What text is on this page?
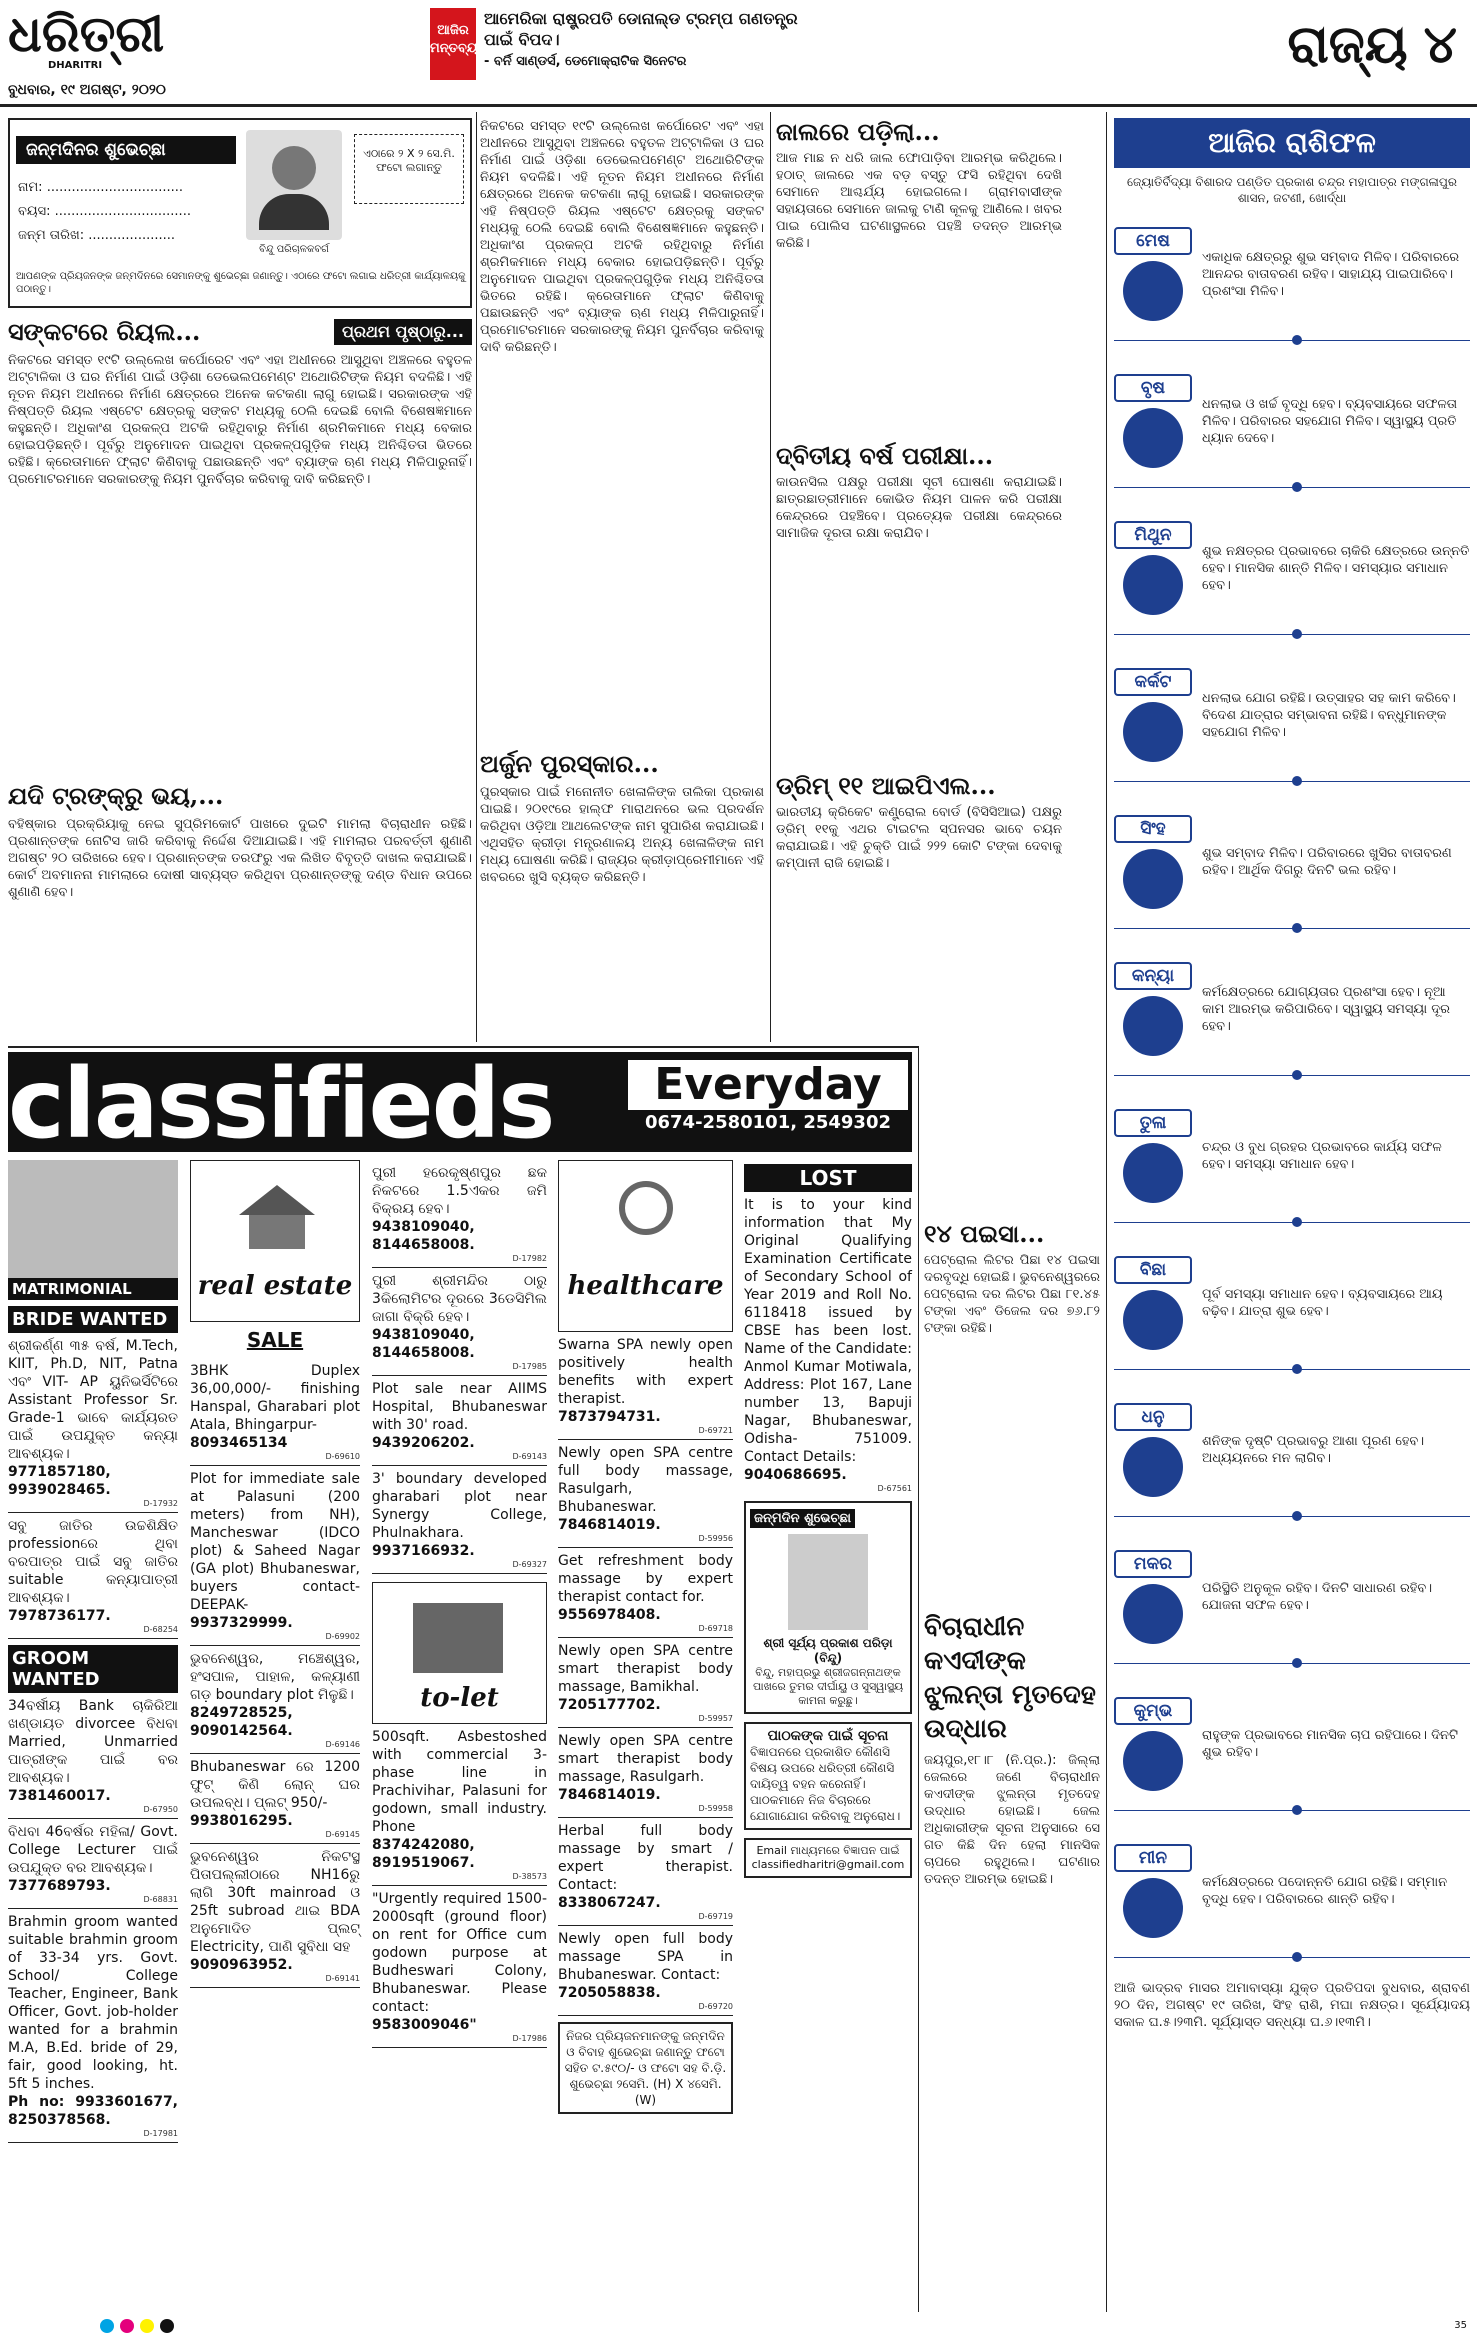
ଧରିତ୍ରୀ
DHARITRI
ବୁଧବାର, ୧୯ ଅଗଷ୍ଟ, ୨୦୨୦
ଆଜିର ମନ୍ତବ୍ୟ
ଆମେରିକା ରାଷ୍ଟ୍ରପତି ଡୋନାଲ୍ଡ ଟ୍ରମ୍ପ ଗଣତନ୍ତ୍ର ପାଇଁ ବିପଦ।
- ବର୍ନି ସାଣ୍ଡର୍ସ, ଡେମୋକ୍ରାଟିକ ସିନେଟର	ରାଜ୍ୟ ୪
ଜନ୍ମଦିନର ଶୁଭେଚ୍ଛା
ନାମ: .................................
ବୟସ: .................................
ଜନ୍ମ ତାରିଖ: .....................
ବିନ୍ଦୁ ପରିଚାଳକବର୍ଗ
ଏଠାରେ ୨ X ୨ ସେ.ମି. ଫଟୋ ଲଗାନ୍ତୁ
ଆପଣଙ୍କ ପ୍ରିୟଜନଙ୍କ ଜନ୍ମଦିନରେ ସେମାନଙ୍କୁ ଶୁଭେଚ୍ଛା ଜଣାନ୍ତୁ। ଏଠାରେ ଫଟୋ ଲଗାଇ ଧରିତ୍ରୀ କାର୍ଯ୍ୟାଳୟକୁ ପଠାନ୍ତୁ।
ସଙ୍କଟରେ ରିୟଲ...	ପ୍ରଥମ ପୃଷ୍ଠାରୁ...
ନିକଟରେ ସମସ୍ତ ୧୯ଟି ଉଲ୍ଲେଖ କର୍ପୋରେଟ ଏବଂ ଏହା ଅଧୀନରେ ଆସୁଥିବା ଅଞ୍ଚଳରେ ବହୁତଳ ଅଟ୍ଟାଳିକା ଓ ଘର ନିର୍ମାଣ ପାଇଁ ଓଡ଼ିଶା ଡେଭେଲପମେଣ୍ଟ ଅଥୋରିଟିଙ୍କ ନିୟମ ବଦଳିଛି। ଏହି ନୂତନ ନିୟମ ଅଧୀନରେ ନିର୍ମାଣ କ୍ଷେତ୍ରରେ ଅନେକ କଟକଣା ଲାଗୁ ହୋଇଛି। ସରକାରଙ୍କ ଏହି ନିଷ୍ପତ୍ତି ରିୟଲ ଏଷ୍ଟେଟ କ୍ଷେତ୍ରକୁ ସଙ୍କଟ ମଧ୍ୟକୁ ଠେଲି ଦେଇଛି ବୋଲି ବିଶେଷଜ୍ଞମାନେ କହୁଛନ୍ତି। ଅଧିକାଂଶ ପ୍ରକଳ୍ପ ଅଟକି ରହିଥିବାରୁ ନିର୍ମାଣ ଶ୍ରମିକମାନେ ମଧ୍ୟ ବେକାର ହୋଇପଡ଼ିଛନ୍ତି। ପୂର୍ବରୁ ଅନୁମୋଦନ ପାଇଥିବା ପ୍ରକଳ୍ପଗୁଡ଼ିକ ମଧ୍ୟ ଅନିଶ୍ଚିତତା ଭିତରେ ରହିଛି। କ୍ରେତାମାନେ ଫ୍ଲାଟ କିଣିବାକୁ ପଛାଉଛନ୍ତି ଏବଂ ବ୍ୟାଙ୍କ ଋଣ ମଧ୍ୟ ମିଳିପାରୁନାହିଁ। ପ୍ରମୋଟରମାନେ ସରକାରଙ୍କୁ ନିୟମ ପୁନର୍ବିଚାର କରିବାକୁ ଦାବି କରିଛନ୍ତି।
ଯଦି ଟ୍ରଙ୍କ୍‌ରୁ ଭୟ,...
ବହିଷ୍କାର ପ୍ରକ୍ରିୟାକୁ ନେଇ ସୁପ୍ରିମକୋର୍ଟ ପାଖରେ ଦୁଇଟି ମାମଲା ବିଚାରାଧୀନ ରହିଛି। ପ୍ରଶାନ୍ତଙ୍କ ନୋଟିସ ଜାରି କରିବାକୁ ନିର୍ଦ୍ଦେଶ ଦିଆଯାଇଛି। ଏହି ମାମଲାର ପରବର୍ତ୍ତୀ ଶୁଣାଣି ଅଗଷ୍ଟ ୨୦ ତାରିଖରେ ହେବ। ପ୍ରଶାନ୍ତଙ୍କ ତରଫରୁ ଏକ ଲିଖିତ ବିବୃତ୍ତି ଦାଖଲ କରାଯାଇଛି। କୋର୍ଟ ଅବମାନନା ମାମଲାରେ ଦୋଷୀ ସାବ୍ୟସ୍ତ କରିଥିବା ପ୍ରଶାନ୍ତଙ୍କୁ ଦଣ୍ଡ ବିଧାନ ଉପରେ ଶୁଣାଣି ହେବ।
ନିକଟରେ ସମସ୍ତ ୧୯ଟି ଉଲ୍ଲେଖ କର୍ପୋରେଟ ଏବଂ ଏହା ଅଧୀନରେ ଆସୁଥିବା ଅଞ୍ଚଳରେ ବହୁତଳ ଅଟ୍ଟାଳିକା ଓ ଘର ନିର୍ମାଣ ପାଇଁ ଓଡ଼ିଶା ଡେଭେଲପମେଣ୍ଟ ଅଥୋରିଟିଙ୍କ ନିୟମ ବଦଳିଛି। ଏହି ନୂତନ ନିୟମ ଅଧୀନରେ ନିର୍ମାଣ କ୍ଷେତ୍ରରେ ଅନେକ କଟକଣା ଲାଗୁ ହୋଇଛି। ସରକାରଙ୍କ ଏହି ନିଷ୍ପତ୍ତି ରିୟଲ ଏଷ୍ଟେଟ କ୍ଷେତ୍ରକୁ ସଙ୍କଟ ମଧ୍ୟକୁ ଠେଲି ଦେଇଛି ବୋଲି ବିଶେଷଜ୍ଞମାନେ କହୁଛନ୍ତି। ଅଧିକାଂଶ ପ୍ରକଳ୍ପ ଅଟକି ରହିଥିବାରୁ ନିର୍ମାଣ ଶ୍ରମିକମାନେ ମଧ୍ୟ ବେକାର ହୋଇପଡ଼ିଛନ୍ତି। ପୂର୍ବରୁ ଅନୁମୋଦନ ପାଇଥିବା ପ୍ରକଳ୍ପଗୁଡ଼ିକ ମଧ୍ୟ ଅନିଶ୍ଚିତତା ଭିତରେ ରହିଛି। କ୍ରେତାମାନେ ଫ୍ଲାଟ କିଣିବାକୁ ପଛାଉଛନ୍ତି ଏବଂ ବ୍ୟାଙ୍କ ଋଣ ମଧ୍ୟ ମିଳିପାରୁନାହିଁ। ପ୍ରମୋଟରମାନେ ସରକାରଙ୍କୁ ନିୟମ ପୁନର୍ବିଚାର କରିବାକୁ ଦାବି କରିଛନ୍ତି।
ଅର୍ଜୁନ ପୁରସ୍କାର...
ପୁରସ୍କାର ପାଇଁ ମନୋନୀତ ଖେଳାଳିଙ୍କ ତାଲିକା ପ୍ରକାଶ ପାଇଛି। ୨୦୧୯ରେ ହାଲ୍ଫ ମାରାଥନରେ ଭଲ ପ୍ରଦର୍ଶନ କରିଥିବା ଓଡ଼ିଆ ଆଥଲେଟଙ୍କ ନାମ ସୁପାରିଶ କରାଯାଇଛି। ଏଥିସହିତ କ୍ରୀଡ଼ା ମନ୍ତ୍ରଣାଳୟ ଅନ୍ୟ ଖେଳାଳିଙ୍କ ନାମ ମଧ୍ୟ ଘୋଷଣା କରିଛି। ରାଜ୍ୟର କ୍ରୀଡ଼ାପ୍ରେମୀମାନେ ଏହି ଖବରରେ ଖୁସି ବ୍ୟକ୍ତ କରିଛନ୍ତି।
ଜାଲରେ ପଡ଼ିଲା...
ଆଜ ମାଛ ନ ଧରି ଜାଲ ଫୋପାଡ଼ିବା ଆରମ୍ଭ କରିଥିଲେ। ହଠାତ୍ ଜାଲରେ ଏକ ବଡ଼ ବସ୍ତୁ ଫସି ରହିଥିବା ଦେଖି ସେମାନେ ଆଶ୍ଚର୍ଯ୍ୟ ହୋଇଗଲେ। ଗ୍ରାମବାସୀଙ୍କ ସହାୟତାରେ ସେମାନେ ଜାଲକୁ ଟାଣି କୂଳକୁ ଆଣିଲେ। ଖବର ପାଇ ପୋଲିସ ଘଟଣାସ୍ଥଳରେ ପହଞ୍ଚି ତଦନ୍ତ ଆରମ୍ଭ କରିଛି।
ଦ୍ବିତୀୟ ବର୍ଷ ପରୀକ୍ଷା...
କାଉନସିଲ ପକ୍ଷରୁ ପରୀକ୍ଷା ସୂଚୀ ଘୋଷଣା କରାଯାଇଛି। ଛାତ୍ରଛାତ୍ରୀମାନେ କୋଭିଡ ନିୟମ ପାଳନ କରି ପରୀକ୍ଷା କେନ୍ଦ୍ରରେ ପହଞ୍ଚିବେ। ପ୍ରତ୍ୟେକ ପରୀକ୍ଷା କେନ୍ଦ୍ରରେ ସାମାଜିକ ଦୂରତା ରକ୍ଷା କରାଯିବ।
ଡ୍ରିମ୍ ୧୧ ଆଇପିଏଲ...
ଭାରତୀୟ କ୍ରିକେଟ କଣ୍ଟ୍ରୋଲ ବୋର୍ଡ (ବିସିସିଆଇ) ପକ୍ଷରୁ ଡ୍ରିମ୍ ୧୧କୁ ଏଥର ଟାଇଟଲ ସ୍ପନସର ଭାବେ ଚୟନ କରାଯାଇଛି। ଏହି ଚୁକ୍ତି ପାଇଁ ୨୨୨ କୋଟି ଟଙ୍କା ଦେବାକୁ କମ୍ପାନୀ ରାଜି ହୋଇଛି।
classifieds	Everyday
0674-2580101, 2549302
MATRIMONIAL
BRIDE WANTED
ଶ୍ରୀକର୍ଣ୍ଣ ୩୫ ବର୍ଷ, M.Tech, KIIT, Ph.D, NIT, Patna ଏବଂ VIT- AP ୟୁନିଭର୍ସିଟିରେ Assistant Professor Sr. Grade-1 ଭାବେ କାର୍ଯ୍ୟରତ ପାଇଁ ଉପଯୁକ୍ତ କନ୍ୟା ଆବଶ୍ୟକ।
9771857180, 9939028465.
D-17932
ସବୁ ଜାତିର ଉଚ୍ଚଶିକ୍ଷିତ professionରେ ଥିବା ବରପାତ୍ର ପାଇଁ ସବୁ ଜାତିର suitable କନ୍ୟାପାତ୍ରୀ ଆବଶ୍ୟକ।
7978736177.
D-68254
GROOM WANTED
34ବର୍ଷୀୟ Bank ଚାକିରିଆ ଖଣ୍ଡାୟତ divorcee ବିଧବା Married, Unmarried ପାତ୍ରୀଙ୍କ ପାଇଁ ବର ଆବଶ୍ୟକ।
7381460017.
D-67950
ବିଧବା 46ବର୍ଷର ମହିଳା/ Govt. College Lecturer ପାଇଁ ଉପଯୁକ୍ତ ବର ଆବଶ୍ୟକ।
7377689793.
D-68831
Brahmin groom wanted suitable brahmin groom of 33-34 yrs. Govt. School/ College Teacher, Engineer, Bank Officer, Govt. job-holder wanted for a brahmin M.A, B.Ed. bride of 29, fair, good looking, ht. 5ft 5 inches.
Ph no: 9933601677, 8250378568.
D-17981
real estate
SALE
3BHK Duplex 36,00,000/- finishing Hanspal, Gharabari plot Atala, Bhingarpur-
8093465134
D-69610
Plot for immediate sale at Palasuni (200 meters) from NH), Mancheswar (IDCO plot) & Saheed Nagar (GA plot) Bhubaneswar, buyers contact- DEEPAK-
9937329999.
D-69902
ଭୁବନେଶ୍ୱର, ମଞ୍ଚେଶ୍ୱର, ହଂସପାଳ, ପାହାଳ, କଳ୍ୟାଣୀ ଗଡ଼ boundary plot ମିଳୁଛି।
8249728525, 9090142564.
D-69146
Bhubaneswar ରେ 1200 ଫୁଟ୍‌ କିଣି ଲୋନ୍ ଘର ଉପଲବ୍ଧ। ପ୍ଲଟ୍ 950/-
9938016295.
D-69145
ଭୁବନେଶ୍ୱର ନିକଟସ୍ଥ ପିତାପଲ୍ଲୀଠାରେ NH16ରୁ ଲାଗି 30ft mainroad ଓ 25ft subroad ଥାଇ BDA ଅନୁମୋଦିତ ପ୍ଲଟ୍ Electricity, ପାଣି ସୁବିଧା ସହ
9090963952.
D-69141
ପୁରୀ ହରେକୃଷ୍ଣପୁର ଛକ ନିକଟରେ 1.5ଏକର ଜମି ବିକ୍ରୟ ହେବ।
9438109040, 8144658008.
D-17982
ପୁରୀ ଶ୍ରୀମନ୍ଦିର ଠାରୁ 3କିଲୋମିଟର ଦୂରରେ 3ଡେସିମିଲ ଜାଗା ବିକ୍ରି ହେବ।
9438109040, 8144658008.
D-17985
Plot sale near AIIMS Hospital, Bhubaneswar with 30' road.
9439206202.
D-69143
3' boundary developed gharabari plot near Synergy College, Phulnakhara.
9937166932.
D-69327
to-let
500sqft. Asbestoshed with commercial 3-phase line in Prachivihar, Palasuni for godown, small industry. Phone
8374242080, 8919519067.
D-38573
"Urgently required 1500-2000sqft (ground floor) on rent for Office cum godown purpose at Budheswari Colony, Bhubaneswar. Please contact:
9583009046"
D-17986
healthcare
Swarna SPA newly open positively health benefits with expert therapist.
7873794731.
D-69721
Newly open SPA centre full body massage, Rasulgarh, Bhubaneswar.
7846814019.
D-59956
Get refreshment body massage by expert therapist contact for.
9556978408.
D-69718
Newly open SPA centre smart therapist body massage, Bamikhal.
7205177702.
D-59957
Newly open SPA centre smart therapist body massage, Rasulgarh.
7846814019.
D-59958
Herbal full body massage by smart / expert therapist. Contact:
8338067247.
D-69719
Newly open full body massage SPA in Bhubaneswar. Contact:
7205058838.
D-69720
ନିଜର ପ୍ରିୟଜନମାନଙ୍କୁ ଜନ୍ମଦିନ ଓ ବିବାହ ଶୁଭେଚ୍ଛା ଜଣାନ୍ତୁ ଫଟୋ ସହିତ ଟ.୫୯୦/- ଓ ଫଟୋ ସହ ବି.ଡ଼ି. ଶୁଭେଚ୍ଛା ୨ସେମି. (H) X ୪ସେମି. (W)
LOST
It is to your kind information that My Original Qualifying Examination Certificate of Secondary School of Year 2019 and Roll No. 6118418 issued by CBSE has been lost. Name of the Candidate: Anmol Kumar Motiwala, Address: Plot 167, Lane number 13, Bapuji Nagar, Bhubaneswar, Odisha- 751009. Contact Details:
9040686695.
D-67561
ଜନ୍ମଦିନ ଶୁଭେଚ୍ଛା
ଶ୍ରୀ ସୂର୍ଯ୍ୟ ପ୍ରକାଶ ପରିଡ଼ା (ବିନ୍ଦୁ)
ବିନ୍ଦୁ, ମହାପ୍ରଭୁ ଶ୍ରୀଜଗନ୍ନାଥଙ୍କ ପାଖରେ ତୁମର ଦୀର୍ଘାୟୁ ଓ ସୁସ୍ୱାସ୍ଥ୍ୟ କାମନା କରୁଛୁ।
ପାଠକଙ୍କ ପାଇଁ ସୂଚନା
ବିଜ୍ଞାପନରେ ପ୍ରକାଶିତ କୌଣସି ବିଷୟ ଉପରେ ଧରିତ୍ରୀ କୌଣସି ଦାୟିତ୍ୱ ବହନ କରେନାହିଁ। ପାଠକମାନେ ନିଜ ବିଚାରରେ ଯୋଗାଯୋଗ କରିବାକୁ ଅନୁରୋଧ।
Email ମାଧ୍ୟମରେ ବିଜ୍ଞାପନ ପାଇଁ classifiedharitri@gmail.com
୧୪ ପଇସା...
ପେଟ୍ରୋଲ ଲିଟର ପିଛା ୧୪ ପଇସା ଦରବୃଦ୍ଧି ହୋଇଛି। ଭୁବନେଶ୍ୱରରେ ପେଟ୍ରୋଲ ଦର ଲିଟର ପିଛା ୮୧.୪୫ ଟଙ୍କା ଏବଂ ଡିଜେଲ ଦର ୭୬.୮୨ ଟଙ୍କା ରହିଛି।
ବିଚାରାଧୀନ କଏଦୀଙ୍କ ଝୁଲନ୍ତା ମୃତଦେହ ଉଦ୍ଧାର
ଜୟପୁର,୧୮।୮ (ନି.ପ୍ର.): ଜିଲ୍ଲା ଜେଲରେ ଜଣେ ବିଚାରାଧୀନ କଏଦୀଙ୍କ ଝୁଲନ୍ତା ମୃତଦେହ ଉଦ୍ଧାର ହୋଇଛି। ଜେଲ ଅଧିକାରୀଙ୍କ ସୂଚନା ଅନୁସାରେ ସେ ଗତ କିଛି ଦିନ ହେଲା ମାନସିକ ଚାପରେ ରହୁଥିଲେ। ଘଟଣାର ତଦନ୍ତ ଆରମ୍ଭ ହୋଇଛି।
ଆଜିର ରାଶିଫଳ
ଜ୍ୟୋତିର୍ବିଦ୍ୟା ବିଶାରଦ ପଣ୍ଡିତ ପ୍ରକାଶ ଚନ୍ଦ୍ର ମହାପାତ୍ର ମଙ୍ଗଳାପୁର ଶାସନ, ଜଟଣୀ, ଖୋର୍ଦ୍ଧା
ମେଷ
ଏକାଧିକ କ୍ଷେତ୍ରରୁ ଶୁଭ ସମ୍ବାଦ ମିଳିବ। ପରିବାରରେ ଆନନ୍ଦର ବାତାବରଣ ରହିବ। ସାହାଯ୍ୟ ପାଇପାରିବେ। ପ୍ରଶଂସା ମିଳିବ।
ବୃଷ
ଧନଲାଭ ଓ ଖର୍ଚ୍ଚ ବୃଦ୍ଧି ହେବ। ବ୍ୟବସାୟରେ ସଫଳତା ମିଳିବ। ପରିବାରର ସହଯୋଗ ମିଳିବ। ସ୍ୱାସ୍ଥ୍ୟ ପ୍ରତି ଧ୍ୟାନ ଦେବେ।
ମିଥୁନ
ଶୁଭ ନକ୍ଷତ୍ରର ପ୍ରଭାବରେ ଚାକିରି କ୍ଷେତ୍ରରେ ଉନ୍ନତି ହେବ। ମାନସିକ ଶାନ୍ତି ମିଳିବ। ସମସ୍ୟାର ସମାଧାନ ହେବ।
କର୍କଟ
ଧନଲାଭ ଯୋଗ ରହିଛି। ଉତ୍ସାହର ସହ କାମ କରିବେ। ବିଦେଶ ଯାତ୍ରାର ସମ୍ଭାବନା ରହିଛି। ବନ୍ଧୁମାନଙ୍କ ସହଯୋଗ ମିଳିବ।
ସିଂହ
ଶୁଭ ସମ୍ବାଦ ମିଳିବ। ପରିବାରରେ ଖୁସିର ବାତାବରଣ ରହିବ। ଆର୍ଥିକ ଦିଗରୁ ଦିନଟି ଭଲ ରହିବ।
କନ୍ୟା
କର୍ମକ୍ଷେତ୍ରରେ ଯୋଗ୍ୟତାର ପ୍ରଶଂସା ହେବ। ନୂଆ କାମ ଆରମ୍ଭ କରିପାରିବେ। ସ୍ୱାସ୍ଥ୍ୟ ସମସ୍ୟା ଦୂର ହେବ।
ତୁଳା
ଚନ୍ଦ୍ର ଓ ବୁଧ ଗ୍ରହର ପ୍ରଭାବରେ କାର୍ଯ୍ୟ ସଫଳ ହେବ। ସମସ୍ୟା ସମାଧାନ ହେବ।
ବିଛା
ପୂର୍ବ ସମସ୍ୟା ସମାଧାନ ହେବ। ବ୍ୟବସାୟରେ ଆୟ ବଢ଼ିବ। ଯାତ୍ରା ଶୁଭ ହେବ।
ଧନୁ
ଶନିଙ୍କ ଦୃଷ୍ଟି ପ୍ରଭାବରୁ ଆଶା ପୂରଣ ହେବ। ଅଧ୍ୟୟନରେ ମନ ଲାଗିବ।
ମକର
ପରିସ୍ଥିତି ଅନୁକୂଳ ରହିବ। ଦିନଟି ସାଧାରଣ ରହିବ। ଯୋଜନା ସଫଳ ହେବ।
କୁମ୍ଭ
ରାହୁଙ୍କ ପ୍ରଭାବରେ ମାନସିକ ଚାପ ରହିପାରେ। ଦିନଟି ଶୁଭ ରହିବ।
ମୀନ
କର୍ମକ୍ଷେତ୍ରରେ ପଦୋନ୍ନତି ଯୋଗ ରହିଛି। ସମ୍ମାନ ବୃଦ୍ଧି ହେବ। ପରିବାରରେ ଶାନ୍ତି ରହିବ।
ଆଜି ଭାଦ୍ରବ ମାସର ଅମାବାସ୍ୟା ଯୁକ୍ତ ପ୍ରତିପଦା ବୁଧବାର, ଶ୍ରାବଣ ୨୦ ଦିନ, ଅଗଷ୍ଟ ୧୯ ତାରିଖ, ସିଂହ ରାଶି, ମଘା ନକ୍ଷତ୍ର। ସୂର୍ଯ୍ୟୋଦୟ ସକାଳ ଘ.୫।୨୩ମି. ସୂର୍ଯ୍ୟାସ୍ତ ସନ୍ଧ୍ୟା ଘ.୬।୧୩ମି।
35
